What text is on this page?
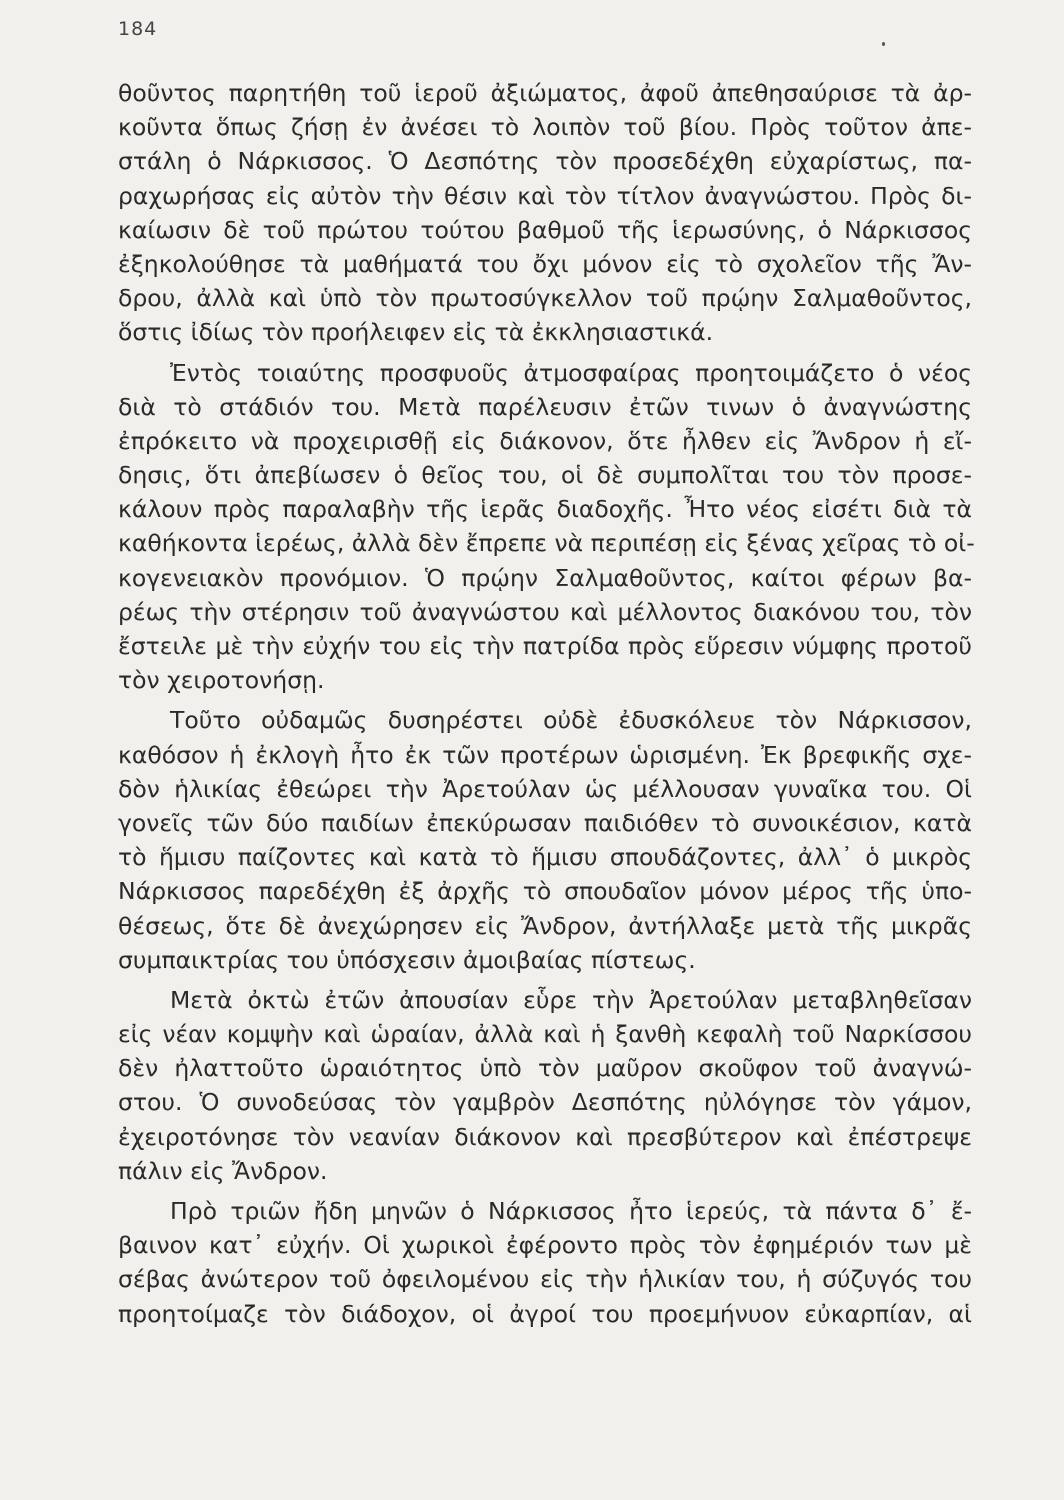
184
θοῦντος παρητήθη τοῦ ἱεροῦ ἀξιώματος, ἀφοῦ ἀπεθησαύρισε τὰ ἀρ-
κοῦντα ὅπως ζήσῃ ἐν ἀνέσει τὸ λοιπὸν τοῦ βίου. Πρὸς τοῦτον ἀπε-
στάλη ὁ Νάρκισσος. Ὁ Δεσπότης τὸν προσεδέχθη εὐχαρίστως, πα-
ραχωρήσας εἰς αὐτὸν τὴν θέσιν καὶ τὸν τίτλον ἀναγνώστου. Πρὸς δι-
καίωσιν δὲ τοῦ πρώτου τούτου βαθμοῦ τῆς ἱερωσύνης, ὁ Νάρκισσος
ἐξηκολούθησε τὰ μαθήματά του ὄχι μόνον εἰς τὸ σχολεῖον τῆς Ἄν-
δρου, ἀλλὰ καὶ ὑπὸ τὸν πρωτοσύγκελλον τοῦ πρῴην Σαλμαθοῦντος,
ὅστις ἰδίως τὸν προήλειφεν εἰς τὰ ἐκκλησιαστικά.
Ἐντὸς τοιαύτης προσφυοῦς ἀτμοσφαίρας προητοιμάζετο ὁ νέος
διὰ τὸ στάδιόν του. Μετὰ παρέλευσιν ἐτῶν τινων ὁ ἀναγνώστης
ἐπρόκειτο νὰ προχειρισθῇ εἰς διάκονον, ὅτε ἦλθεν εἰς Ἄνδρον ἡ εἴ-
δησις, ὅτι ἀπεβίωσεν ὁ θεῖος του, οἱ δὲ συμπολῖται του τὸν προσε-
κάλουν πρὸς παραλαβὴν τῆς ἱερᾶς διαδοχῆς. Ἦτο νέος εἰσέτι διὰ τὰ
καθήκοντα ἱερέως, ἀλλὰ δὲν ἔπρεπε νὰ περιπέσῃ εἰς ξένας χεῖρας τὸ οἰ-
κογενειακὸν προνόμιον. Ὁ πρῴην Σαλμαθοῦντος, καίτοι φέρων βα-
ρέως τὴν στέρησιν τοῦ ἀναγνώστου καὶ μέλλοντος διακόνου του, τὸν
ἔστειλε μὲ τὴν εὐχήν του εἰς τὴν πατρίδα πρὸς εὕρεσιν νύμφης προτοῦ
τὸν χειροτονήσῃ.
Τοῦτο οὐδαμῶς δυσηρέστει οὐδὲ ἐδυσκόλευε τὸν Νάρκισσον,
καθόσον ἡ ἐκλογὴ ἦτο ἐκ τῶν προτέρων ὡρισμένη. Ἐκ βρεφικῆς σχε-
δὸν ἡλικίας ἐθεώρει τὴν Ἀρετούλαν ὡς μέλλουσαν γυναῖκα του. Οἱ
γονεῖς τῶν δύο παιδίων ἐπεκύρωσαν παιδιόθεν τὸ συνοικέσιον, κατὰ
τὸ ἥμισυ παίζοντες καὶ κατὰ τὸ ἥμισυ σπουδάζοντες, ἀλλ᾽ ὁ μικρὸς
Νάρκισσος παρεδέχθη ἐξ ἀρχῆς τὸ σπουδαῖον μόνον μέρος τῆς ὑπο-
θέσεως, ὅτε δὲ ἀνεχώρησεν εἰς Ἄνδρον, ἀντήλλαξε μετὰ τῆς μικρᾶς
συμπαικτρίας του ὑπόσχεσιν ἀμοιβαίας πίστεως.
Μετὰ ὀκτὼ ἐτῶν ἀπουσίαν εὗρε τὴν Ἀρετούλαν μεταβληθεῖσαν
εἰς νέαν κομψὴν καὶ ὡραίαν, ἀλλὰ καὶ ἡ ξανθὴ κεφαλὴ τοῦ Ναρκίσσου
δὲν ἠλαττοῦτο ὡραιότητος ὑπὸ τὸν μαῦρον σκοῦφον τοῦ ἀναγνώ-
στου. Ὁ συνοδεύσας τὸν γαμβρὸν Δεσπότης ηὐλόγησε τὸν γάμον,
ἐχειροτόνησε τὸν νεανίαν διάκονον καὶ πρεσβύτερον καὶ ἐπέστρεψε
πάλιν εἰς Ἄνδρον.
Πρὸ τριῶν ἤδη μηνῶν ὁ Νάρκισσος ἦτο ἱερεύς, τὰ πάντα δ᾽ ἔ-
βαινον κατ᾽ εὐχήν. Οἱ χωρικοὶ ἐφέροντο πρὸς τὸν ἐφημέριόν των μὲ
σέβας ἀνώτερον τοῦ ὀφειλομένου εἰς τὴν ἡλικίαν του, ἡ σύζυγός του
προητοίμαζε τὸν διάδοχον, οἱ ἀγροί του προεμήνυον εὐκαρπίαν, αἱ
